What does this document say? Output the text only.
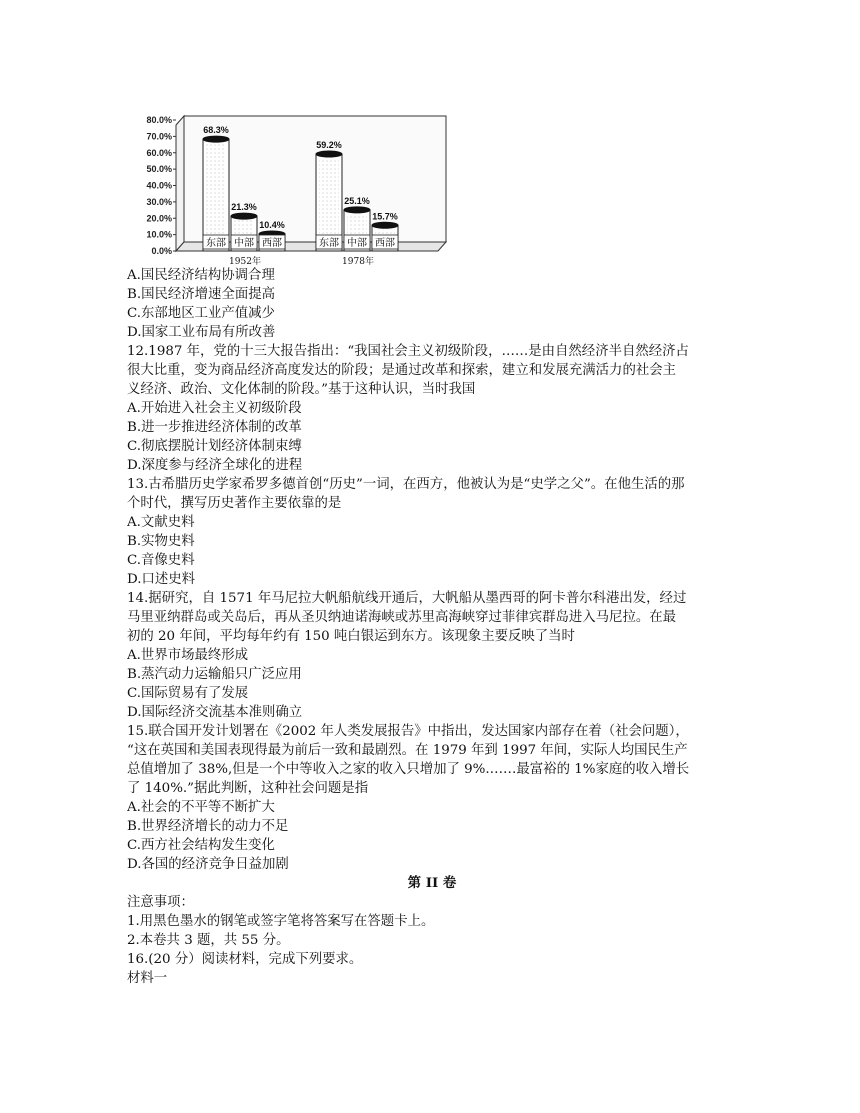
80.0%
70.0%
60.0%
50.0%
40.0%
30.0%
20.0%
10.0%
0.0%
68.3%
东部
21.3%
中部
10.4%
西部
1952年
59.2%
东部
25.1%
中部
15.7%
西部
1978年
A.国民经济结构协调合理
B.国民经济增速全面提高
C.东部地区工业产值减少
D.国家工业布局有所改善
12.1987 年，党的十三大报告指出：“我国社会主义初级阶段，……是由自然经济半自然经济占
很大比重，变为商品经济高度发达的阶段；是通过改革和探索，建立和发展充满活力的社会主
义经济、政治、文化体制的阶段。”基于这种认识，当时我国
A.开始进入社会主义初级阶段
B.进一步推进经济体制的改革
C.彻底摆脱计划经济体制束缚
D.深度参与经济全球化的进程
13.古希腊历史学家希罗多德首创“历史”一词，在西方，他被认为是“史学之父”。在他生活的那
个时代，撰写历史著作主要依靠的是
A.文献史料
B.实物史料
C.音像史料
D.口述史料
14.据研究，自 1571 年马尼拉大帆船航线开通后，大帆船从墨西哥的阿卡普尔科港出发，经过
马里亚纳群岛或关岛后，再从圣贝纳迪诺海峡或苏里高海峡穿过菲律宾群岛进入马尼拉。在最
初的 20 年间，平均每年约有 150 吨白银运到东方。该现象主要反映了当时
A.世界市场最终形成
B.蒸汽动力运输船只广泛应用
C.国际贸易有了发展
D.国际经济交流基本准则确立
15.联合国开发计划署在《2002 年人类发展报告》中指出，发达国家内部存在着（社会问题），
“这在英国和美国表现得最为前后一致和最剧烈。在 1979 年到 1997 年间，实际人均国民生产
总值增加了 38%,但是一个中等收入之家的收入只增加了 9%.……最富裕的 1%家庭的收入增长
了 140%.”据此判断，这种社会问题是指
A.社会的不平等不断扩大
B.世界经济增长的动力不足
C.西方社会结构发生变化
D.各国的经济竞争日益加剧
第 II 卷
注意事项：
1.用黑色墨水的钢笔或签字笔将答案写在答题卡上。
2.本卷共 3 题，共 55 分。
16.(20 分）阅读材料，完成下列要求。
材料一
